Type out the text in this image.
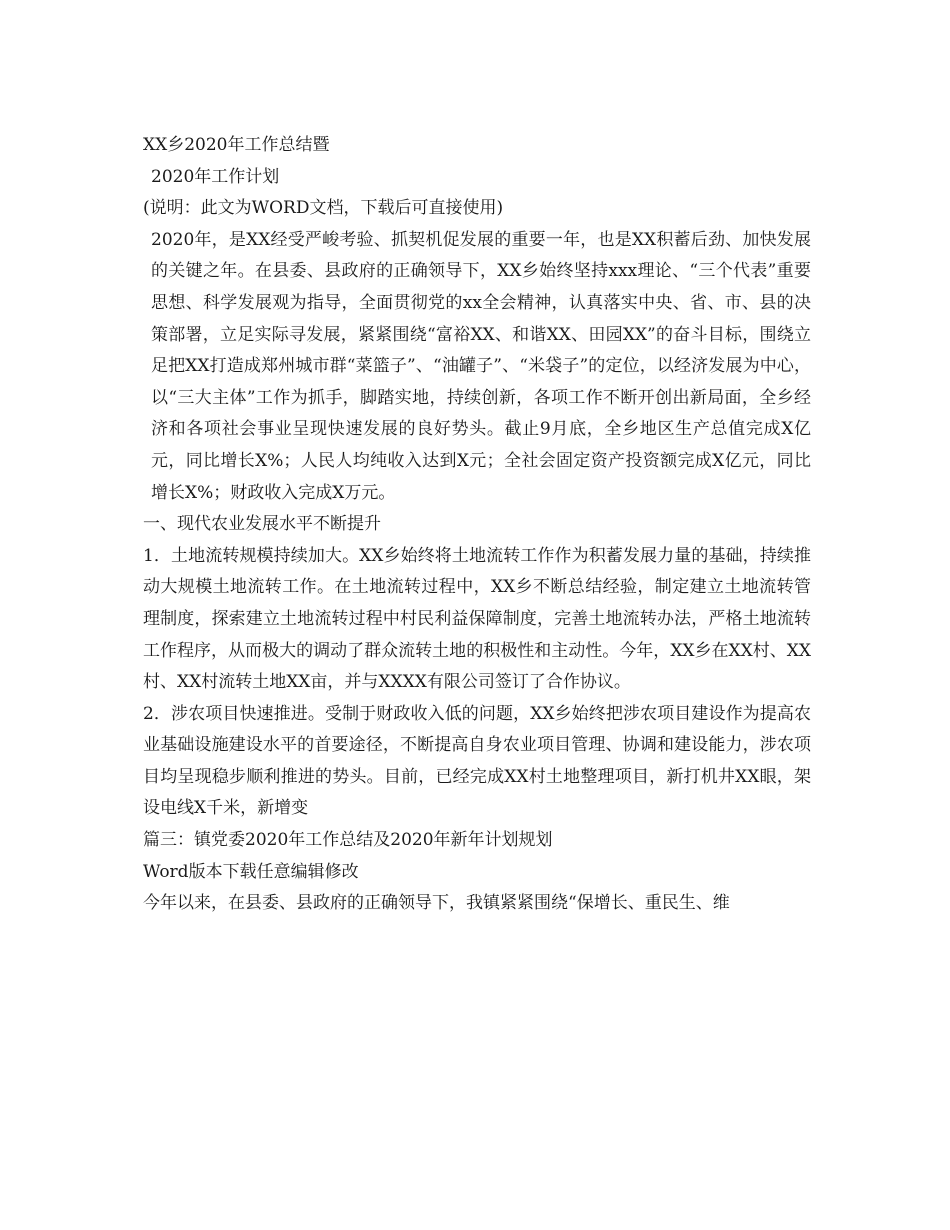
XX乡2020年工作总结暨

2020年工作计划

(说明：此文为WORD文档，下载后可直接使用)

2020年，是XX经受严峻考验、抓契机促发展的重要一年，也是XX积蓄后劲、加快发展的关键之年。在县委、县政府的正确领导下，XX乡始终坚持xxx理论、“三个代表”重要思想、科学发展观为指导，全面贯彻党的xx全会精神，认真落实中央、省、市、县的决策部署，立足实际寻发展，紧紧围绕“富裕XX、和谐XX、田园XX”的奋斗目标，围绕立足把XX打造成郑州城市群“菜篮子”、“油罐子”、“米袋子”的定位，以经济发展为中心，以“三大主体”工作为抓手，脚踏实地，持续创新，各项工作不断开创出新局面，全乡经济和各项社会事业呈现快速发展的良好势头。截止9月底，全乡地区生产总值完成X亿元，同比增长X%；人民人均纯收入达到X元；全社会固定资产投资额完成X亿元，同比增长X%；财政收入完成X万元。

一、现代农业发展水平不断提升

1．土地流转规模持续加大。XX乡始终将土地流转工作作为积蓄发展力量的基础，持续推动大规模土地流转工作。在土地流转过程中，XX乡不断总结经验，制定建立土地流转管理制度，探索建立土地流转过程中村民利益保障制度，完善土地流转办法，严格土地流转工作程序，从而极大的调动了群众流转土地的积极性和主动性。今年，XX乡在XX村、XX村、XX村流转土地XX亩，并与XXXX有限公司签订了合作协议。

2．涉农项目快速推进。受制于财政收入低的问题，XX乡始终把涉农项目建设作为提高农业基础设施建设水平的首要途径，不断提高自身农业项目管理、协调和建设能力，涉农项目均呈现稳步顺利推进的势头。目前，已经完成XX村土地整理项目，新打机井XX眼，架设电线X千米，新增变

篇三：镇党委2020年工作总结及2020年新年计划规划

Word版本下载任意编辑修改

今年以来，在县委、县政府的正确领导下，我镇紧紧围绕“保增长、重民生、维
